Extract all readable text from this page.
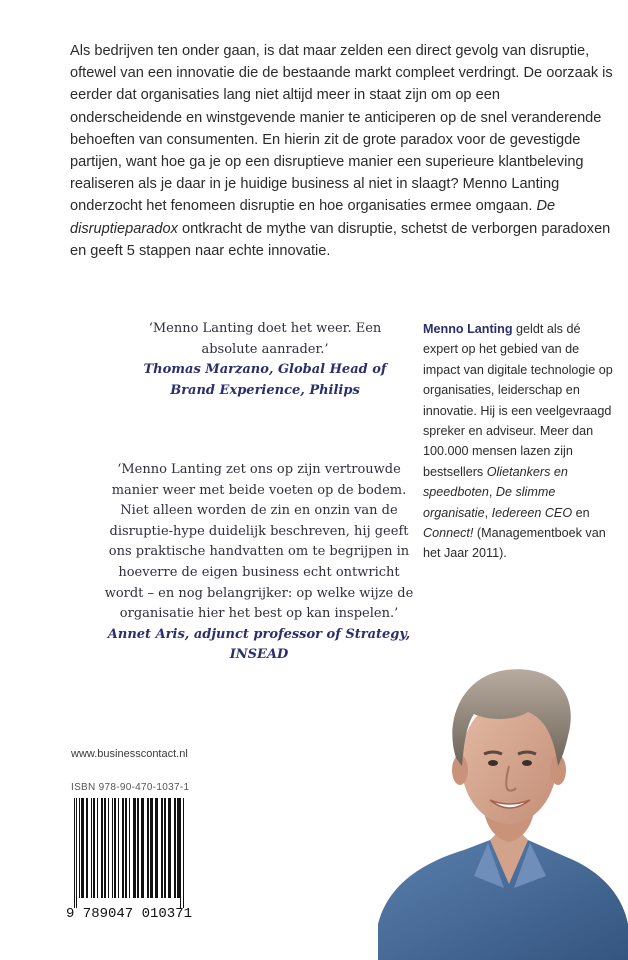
Als bedrijven ten onder gaan, is dat maar zelden een direct gevolg van disruptie, oftewel van een innovatie die de bestaande markt compleet verdringt. De oorzaak is eerder dat organisaties lang niet altijd meer in staat zijn om op een onderscheidende en winstgevende manier te anticiperen op de snel veranderende behoeften van consumenten. En hierin zit de grote paradox voor de gevestigde partijen, want hoe ga je op een disruptieve manier een superieure klantbeleving realiseren als je daar in je huidige business al niet in slaagt? Menno Lanting onderzocht het fenomeen disruptie en hoe organisaties ermee omgaan. De disruptieparadox ontkracht de mythe van disruptie, schetst de verborgen paradoxen en geeft 5 stappen naar echte innovatie.

‘Menno Lanting doet het weer. Een absolute aanrader.’
Thomas Marzano, Global Head of Brand Experience, Philips

‘Menno Lanting zet ons op zijn vertrouwde manier weer met beide voeten op de bodem. Niet alleen worden de zin en onzin van de disruptie-hype duidelijk beschreven, hij geeft ons praktische handvatten om te begrijpen in hoeverre de eigen business echt ontwricht wordt – en nog belangrijker: op welke wijze de organisatie hier het best op kan inspelen.’
Annet Aris, adjunct professor of Strategy, INSEAD

Menno Lanting geldt als dé expert op het gebied van de impact van digitale technologie op organisaties, leiderschap en innovatie. Hij is een veelgevraagd spreker en adviseur. Meer dan 100.000 mensen lazen zijn bestsellers Olietankers en speedboten, De slimme organisatie, Iedereen CEO en Connect! (Managementboek van het Jaar 2011).

www.businesscontact.nl
ISBN 978-90-470-1037-1
9 789047 010371
